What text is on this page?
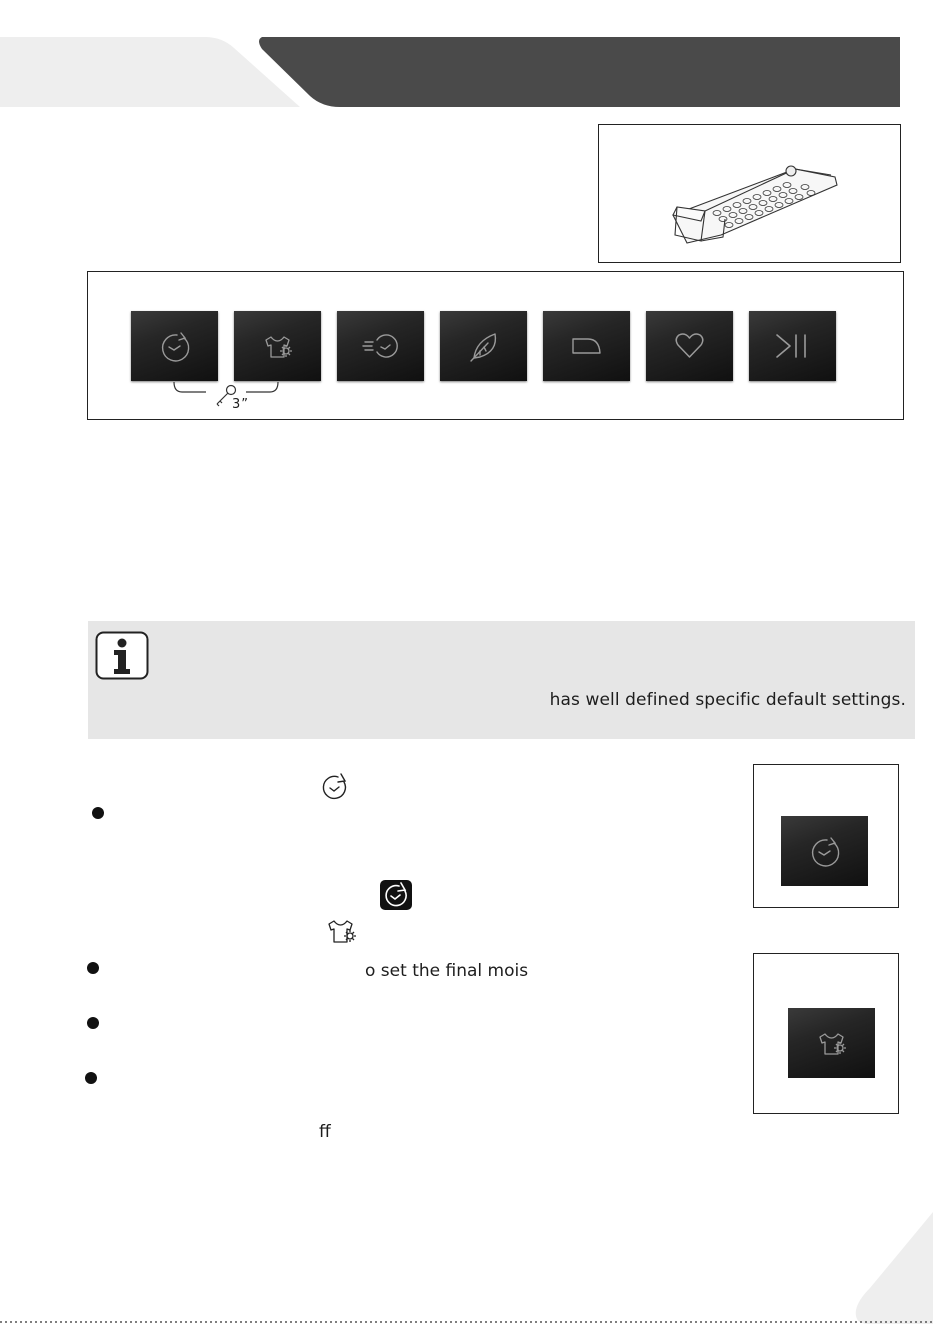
3”
has well defined specific default settings.
o set the final mois
ff
